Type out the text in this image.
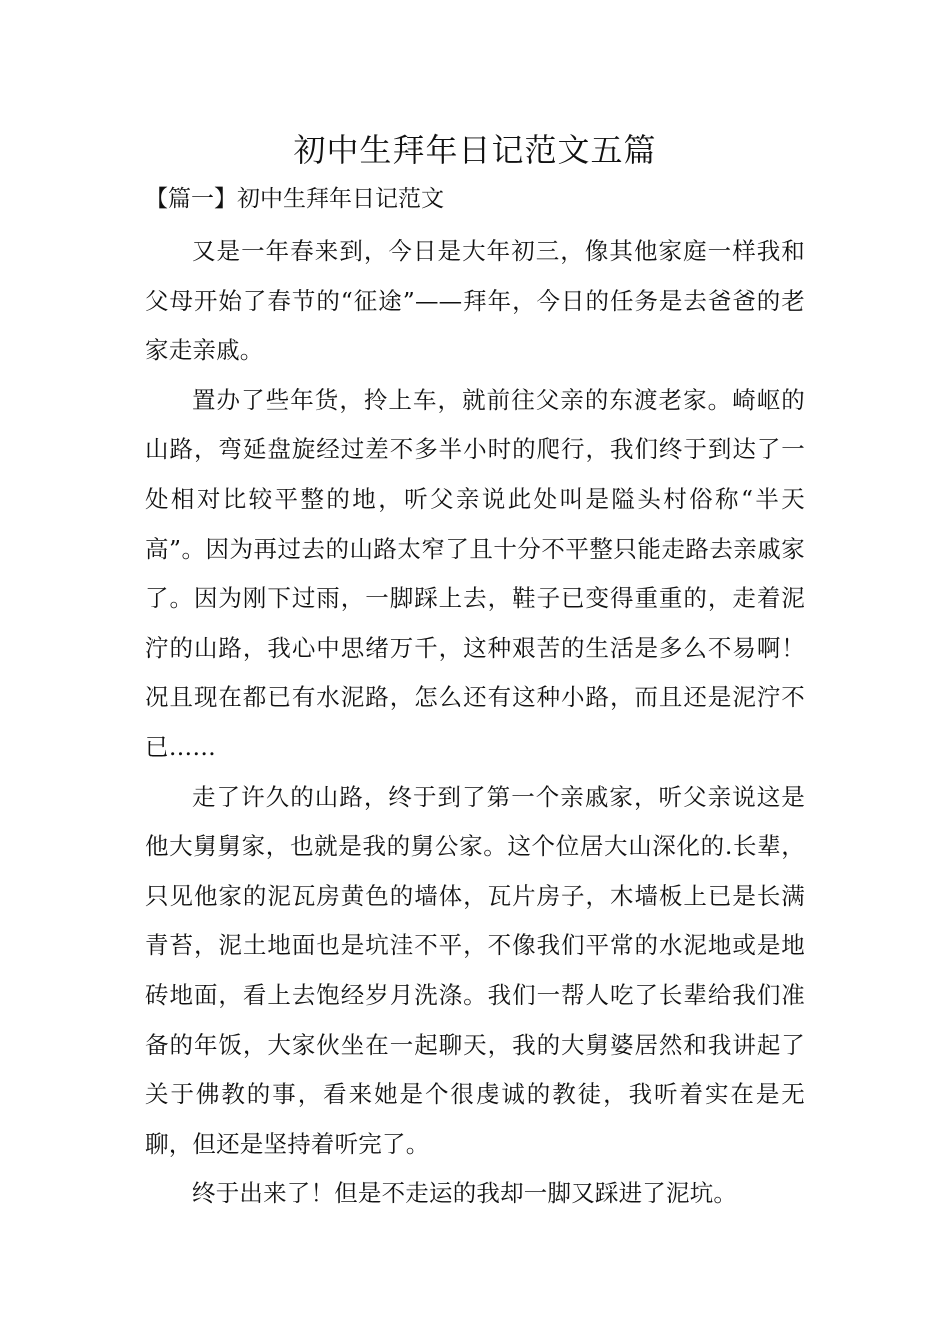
初中生拜年日记范文五篇

【篇一】初中生拜年日记范文

又是一年春来到，今日是大年初三，像其他家庭一样我和父母开始了春节的“征途”——拜年，今日的任务是去爸爸的老家走亲戚。

置办了些年货，拎上车，就前往父亲的东渡老家。崎岖的山路，弯延盘旋经过差不多半小时的爬行，我们终于到达了一处相对比较平整的地，听父亲说此处叫是隘头村俗称“半天高”。因为再过去的山路太窄了且十分不平整只能走路去亲戚家了。因为刚下过雨，一脚踩上去，鞋子已变得重重的，走着泥泞的山路，我心中思绪万千，这种艰苦的生活是多么不易啊！况且现在都已有水泥路，怎么还有这种小路，而且还是泥泞不已……

走了许久的山路，终于到了第一个亲戚家，听父亲说这是他大舅舅家，也就是我的舅公家。这个位居大山深化的.长辈，只见他家的泥瓦房黄色的墙体，瓦片房子，木墙板上已是长满青苔，泥土地面也是坑洼不平，不像我们平常的水泥地或是地砖地面，看上去饱经岁月洗涤。我们一帮人吃了长辈给我们准备的年饭，大家伙坐在一起聊天，我的大舅婆居然和我讲起了关于佛教的事，看来她是个很虔诚的教徒，我听着实在是无聊，但还是坚持着听完了。

终于出来了！但是不走运的我却一脚又踩进了泥坑。
